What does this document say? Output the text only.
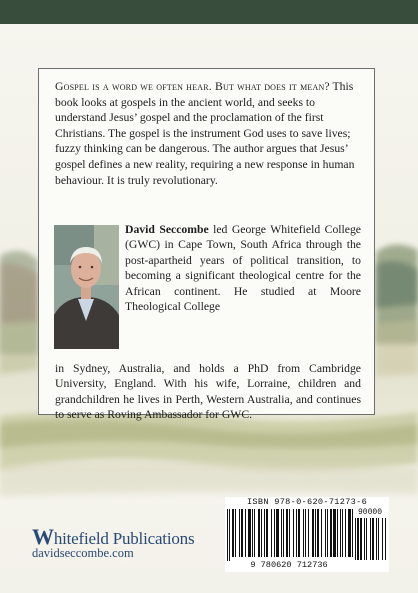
Gospel is a word we often hear. But what does it mean? This book looks at gospels in the ancient world, and seeks to understand Jesus’ gospel and the proclamation of the first Christians. The gospel is the instrument God uses to save lives; fuzzy thinking can be dangerous. The author argues that Jesus’ gospel defines a new reality, requiring a new response in human behaviour. It is truly revolutionary.

David Seccombe led George Whitefield College (GWC) in Cape Town, South Africa through the post-apartheid years of political transition, to becoming a significant theological centre for the African continent. He studied at Moore Theological College

in Sydney, Australia, and holds a PhD from Cambridge University, England. With his wife, Lorraine, children and grandchildren he lives in Perth, Western Australia, and continues to serve as Roving Ambassador for GWC.

Whitefield Publications
davidseccombe.com
ISBN 978-0-620-71273-6
90000
9 780620 712736
